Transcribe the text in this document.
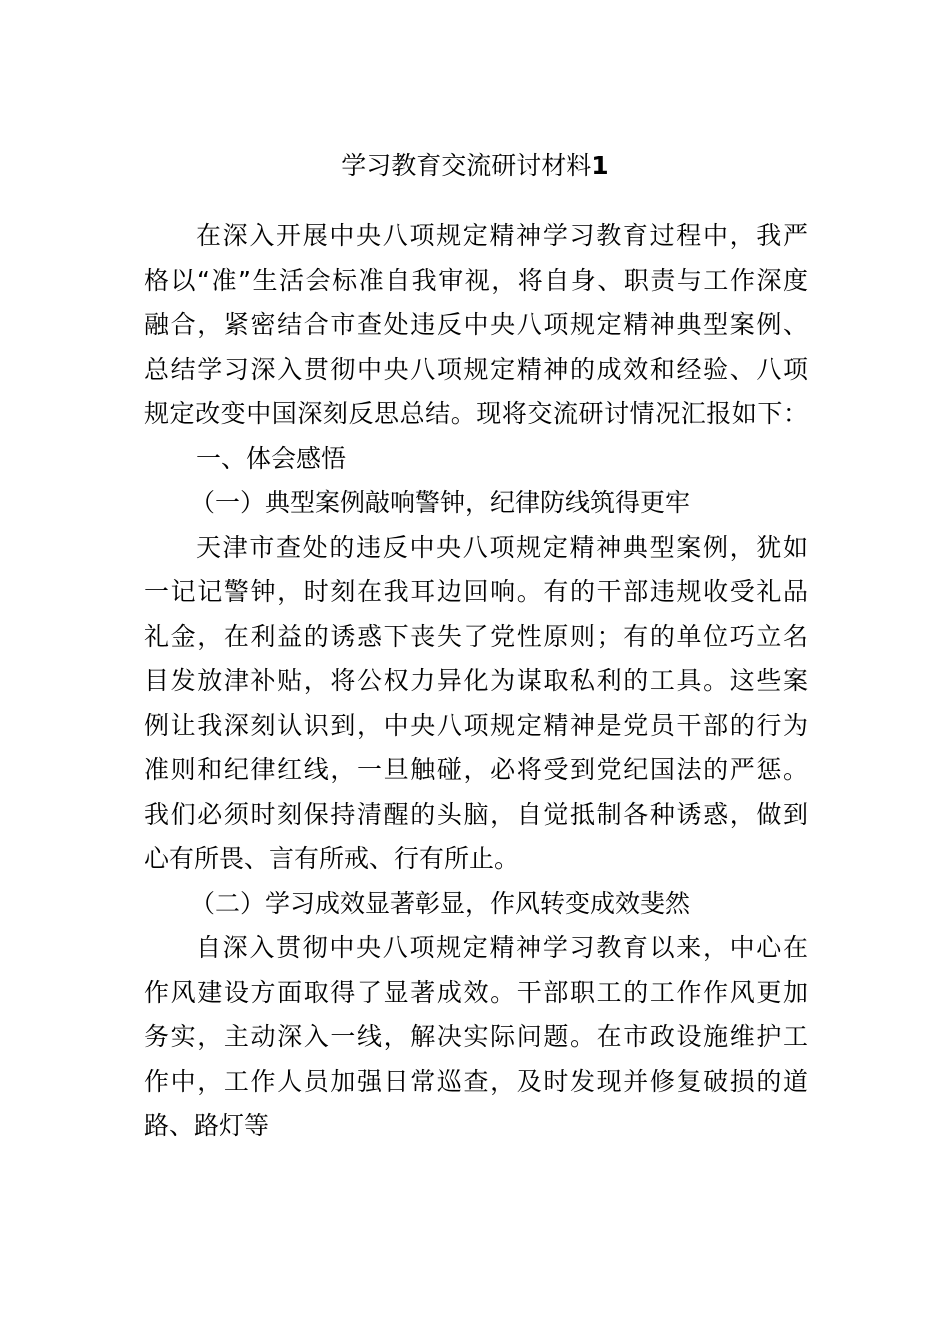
学习教育交流研讨材料1
在深入开展中央八项规定精神学习教育过程中，我严
格以“准”生活会标准自我审视，将自身、职责与工作深度
融合，紧密结合市查处违反中央八项规定精神典型案例、
总结学习深入贯彻中央八项规定精神的成效和经验、八项
规定改变中国深刻反思总结。现将交流研讨情况汇报如下：
一、体会感悟
（一）典型案例敲响警钟，纪律防线筑得更牢
天津市查处的违反中央八项规定精神典型案例，犹如
一记记警钟，时刻在我耳边回响。有的干部违规收受礼品
礼金，在利益的诱惑下丧失了党性原则；有的单位巧立名
目发放津补贴，将公权力异化为谋取私利的工具。这些案
例让我深刻认识到，中央八项规定精神是党员干部的行为
准则和纪律红线，一旦触碰，必将受到党纪国法的严惩。
我们必须时刻保持清醒的头脑，自觉抵制各种诱惑，做到
心有所畏、言有所戒、行有所止。
（二）学习成效显著彰显，作风转变成效斐然
自深入贯彻中央八项规定精神学习教育以来，中心在
作风建设方面取得了显著成效。干部职工的工作作风更加
务实，主动深入一线，解决实际问题。在市政设施维护工
作中，工作人员加强日常巡查，及时发现并修复破损的道
路、路灯等
